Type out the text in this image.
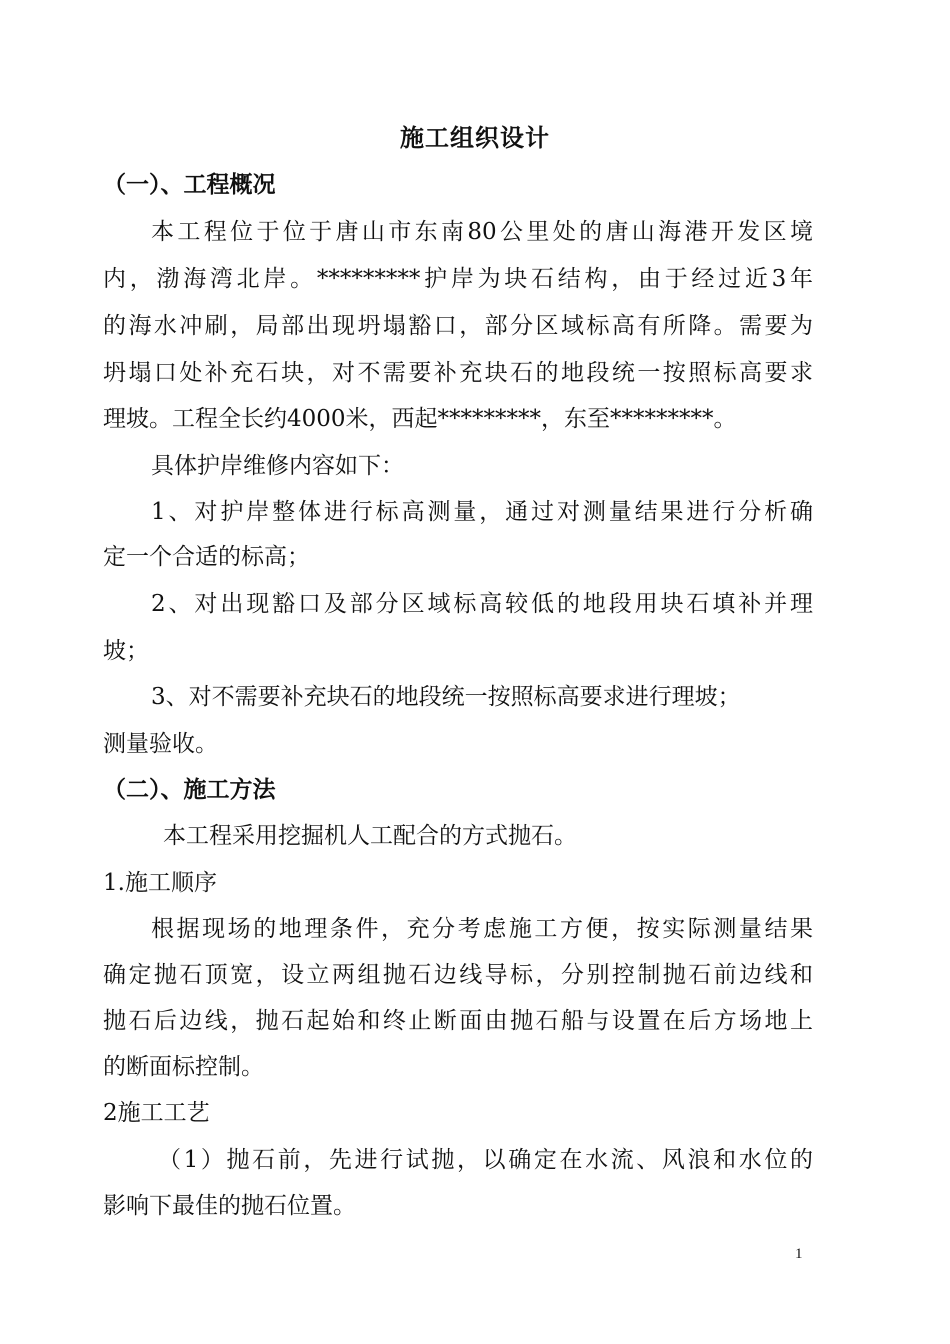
施工组织设计
（一）、工程概况
本工程位于位于唐山市东南80公里处的唐山海港开发区境
内，渤海湾北岸。*********护岸为块石结构，由于经过近3年
的海水冲刷，局部出现坍塌豁口，部分区域标高有所降。需要为
坍塌口处补充石块，对不需要补充块石的地段统一按照标高要求
理坡。工程全长约4000米，西起*********，东至*********。
具体护岸维修内容如下：
1、对护岸整体进行标高测量，通过对测量结果进行分析确
定一个合适的标高；
2、对出现豁口及部分区域标高较低的地段用块石填补并理
坡；
3、对不需要补充块石的地段统一按照标高要求进行理坡；
测量验收。
（二）、施工方法
本工程采用挖掘机人工配合的方式抛石。
1.施工顺序
根据现场的地理条件，充分考虑施工方便，按实际测量结果
确定抛石顶宽，设立两组抛石边线导标，分别控制抛石前边线和
抛石后边线，抛石起始和终止断面由抛石船与设置在后方场地上
的断面标控制。
2施工工艺
（1）抛石前，先进行试抛，以确定在水流、风浪和水位的
影响下最佳的抛石位置。
1
